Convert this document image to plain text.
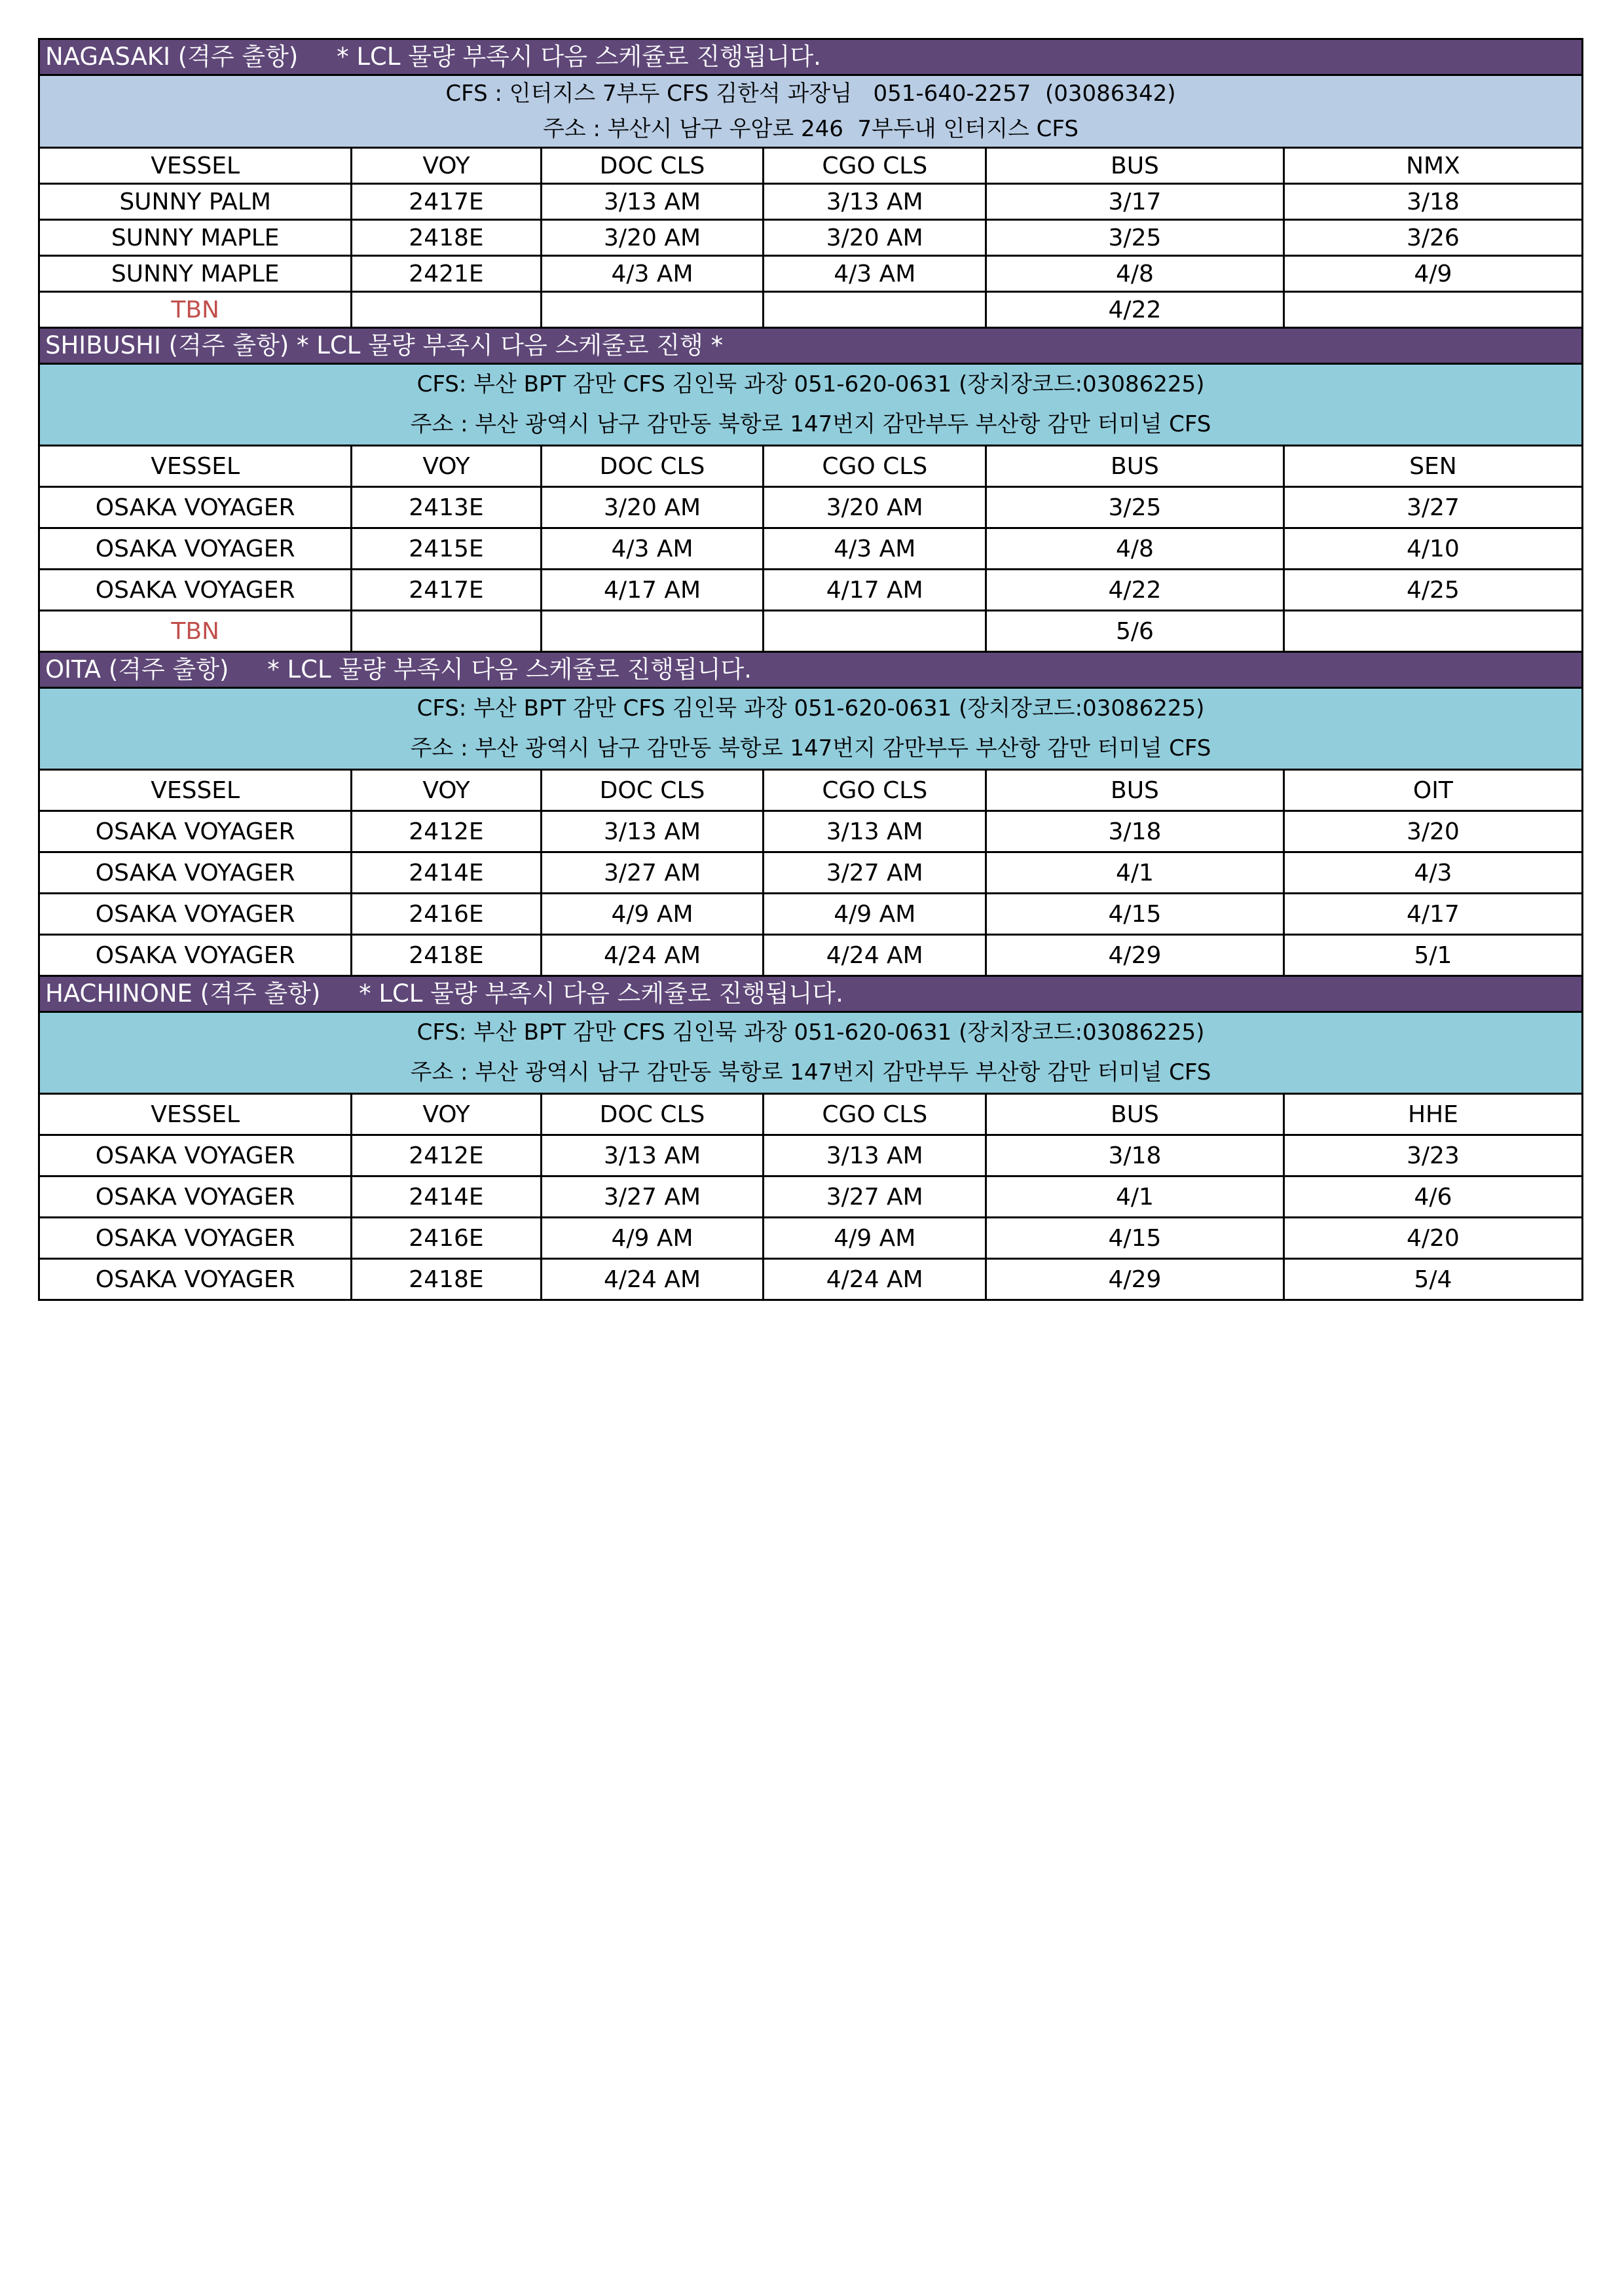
NAGASAKI (격주 출항)     * LCL 물량 부족시 다음 스케쥴로 진행됩니다.
CFS : 인터지스 7부두 CFS 김한석 과장님   051-640-2257  (03086342)
주소 : 부산시 남구 우암로 246  7부두내 인터지스 CFS
VESSEL	VOY	DOC CLS	CGO CLS	BUS	NMX
SUNNY PALM	2417E	3/13 AM	3/13 AM	3/17	3/18
SUNNY MAPLE	2418E	3/20 AM	3/20 AM	3/25	3/26
SUNNY MAPLE	2421E	4/3 AM	4/3 AM	4/8	4/9
TBN				4/22	
SHIBUSHI (격주 출항) * LCL 물량 부족시 다음 스케줄로 진행 *
CFS: 부산 BPT 감만 CFS 김인묵 과장 051-620-0631 (장치장코드:03086225)
주소 : 부산 광역시 남구 감만동 북항로 147번지 감만부두 부산항 감만 터미널 CFS
VESSEL	VOY	DOC CLS	CGO CLS	BUS	SEN
OSAKA VOYAGER	2413E	3/20 AM	3/20 AM	3/25	3/27
OSAKA VOYAGER	2415E	4/3 AM	4/3 AM	4/8	4/10
OSAKA VOYAGER	2417E	4/17 AM	4/17 AM	4/22	4/25
TBN				5/6	
OITA (격주 출항)     * LCL 물량 부족시 다음 스케쥴로 진행됩니다.
CFS: 부산 BPT 감만 CFS 김인묵 과장 051-620-0631 (장치장코드:03086225)
주소 : 부산 광역시 남구 감만동 북항로 147번지 감만부두 부산항 감만 터미널 CFS
VESSEL	VOY	DOC CLS	CGO CLS	BUS	OIT
OSAKA VOYAGER	2412E	3/13 AM	3/13 AM	3/18	3/20
OSAKA VOYAGER	2414E	3/27 AM	3/27 AM	4/1	4/3
OSAKA VOYAGER	2416E	4/9 AM	4/9 AM	4/15	4/17
OSAKA VOYAGER	2418E	4/24 AM	4/24 AM	4/29	5/1
HACHINONE (격주 출항)     * LCL 물량 부족시 다음 스케쥴로 진행됩니다.
CFS: 부산 BPT 감만 CFS 김인묵 과장 051-620-0631 (장치장코드:03086225)
주소 : 부산 광역시 남구 감만동 북항로 147번지 감만부두 부산항 감만 터미널 CFS
VESSEL	VOY	DOC CLS	CGO CLS	BUS	HHE
OSAKA VOYAGER	2412E	3/13 AM	3/13 AM	3/18	3/23
OSAKA VOYAGER	2414E	3/27 AM	3/27 AM	4/1	4/6
OSAKA VOYAGER	2416E	4/9 AM	4/9 AM	4/15	4/20
OSAKA VOYAGER	2418E	4/24 AM	4/24 AM	4/29	5/4
